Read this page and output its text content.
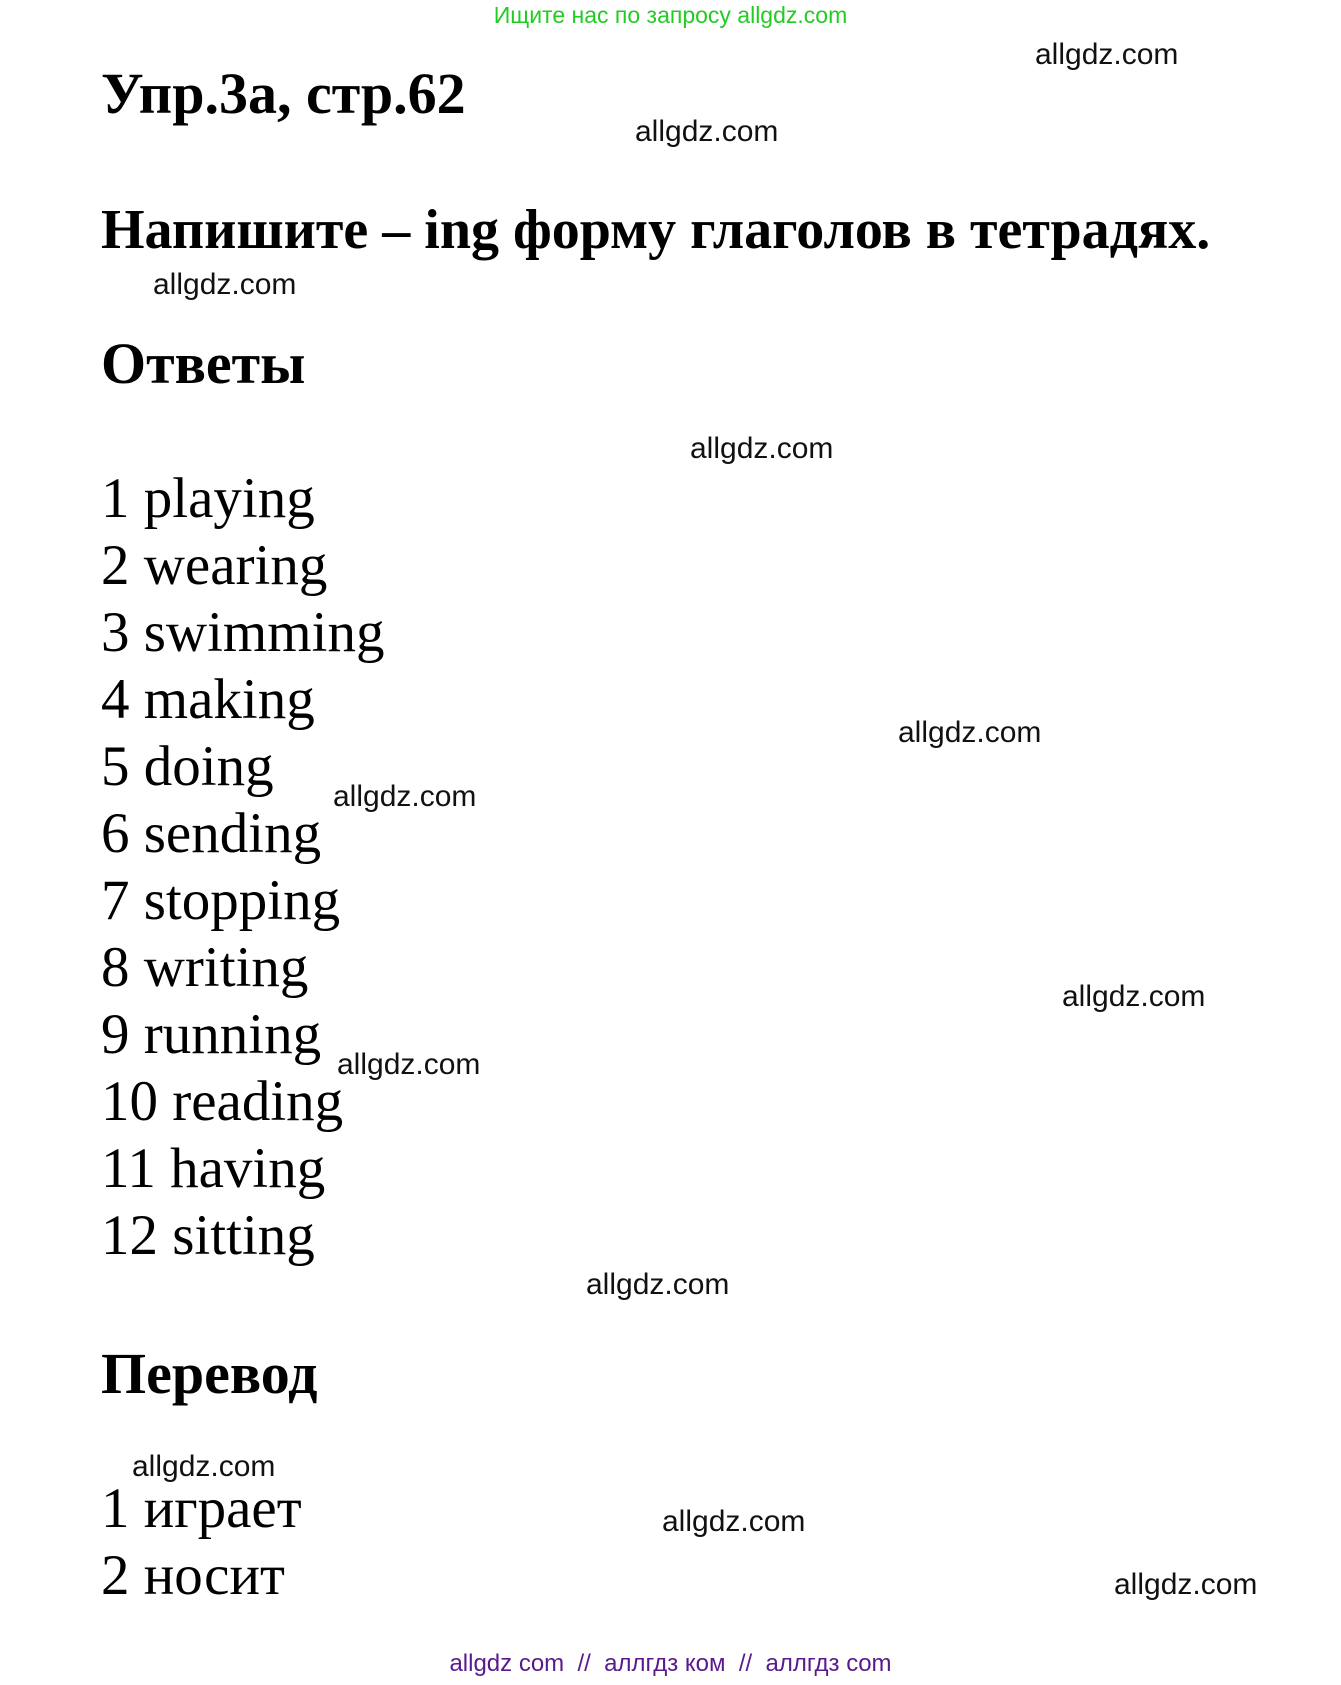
Ищите нас по запросу allgdz.com
Упр.3а, стр.62
Напишите – ing форму глаголов в тетрадях.
Ответы
1 playing
2 wearing
3 swimming
4 making
5 doing
6 sending
7 stopping
8 writing
9 running
10 reading
11 having
12 sitting
Перевод
1 играет
2 носит
allgdz.com
allgdz.com
allgdz.com
allgdz.com
allgdz.com
allgdz.com
allgdz.com
allgdz.com
allgdz.com
allgdz.com
allgdz.com
allgdz.com
allgdz com  //  аллгдз ком  //  аллгдз com
